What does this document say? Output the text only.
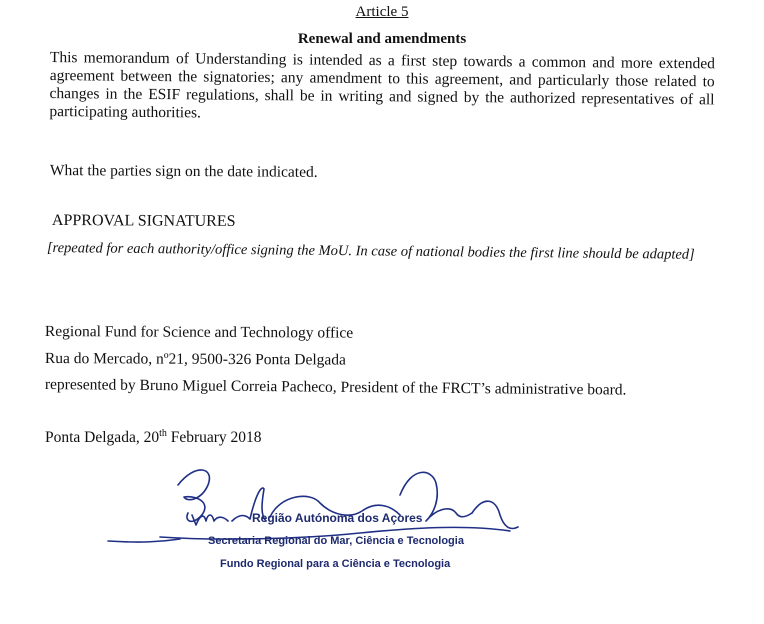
Article 5
Renewal and amendments
This memorandum of Understanding is intended as a first step towards a common and more extended agreement between the signatories; any amendment to this agreement, and particularly those related to changes in the ESIF regulations, shall be in writing and signed by the authorized representatives of all participating authorities.
What the parties sign on the date indicated.
APPROVAL SIGNATURES
[repeated for each authority/office signing the MoU. In case of national bodies the first line should be adapted]
Regional Fund for Science and Technology office
Rua do Mercado, nº21, 9500-326 Ponta Delgada
represented by Bruno Miguel Correia Pacheco, President of the FRCT’s administrative board.
Ponta Delgada, 20th February 2018
Região Autónoma dos Açores
Secretaria Regional do Mar, Ciência e Tecnologia
Fundo Regional para a Ciência e Tecnologia
